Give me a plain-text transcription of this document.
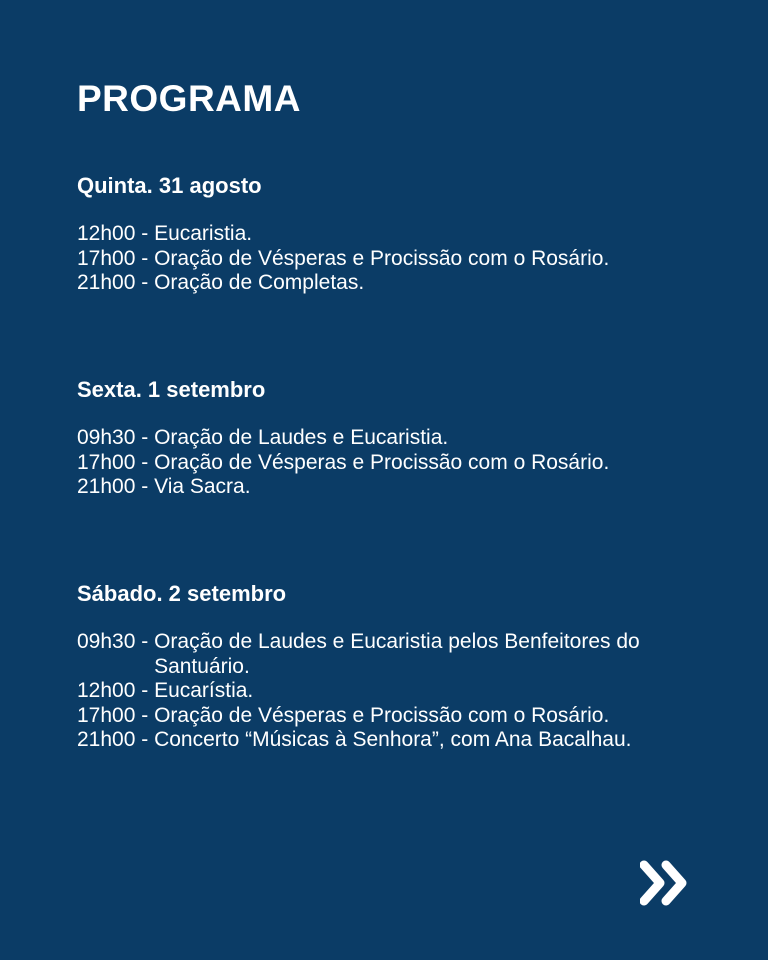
PROGRAMA
Quinta. 31 agosto
12h00 - Eucaristia.
17h00 - Oração de Vésperas e Procissão com o Rosário.
21h00 - Oração de Completas.
Sexta. 1 setembro
09h30 - Oração de Laudes e Eucaristia.
17h00 - Oração de Vésperas e Procissão com o Rosário.
21h00 - Via Sacra.
Sábado. 2 setembro
09h30 - Oração de Laudes e Eucaristia pelos Benfeitores do Santuário.
12h00 - Eucarístia.
17h00 - Oração de Vésperas e Procissão com o Rosário.
21h00 - Concerto “Músicas à Senhora”, com Ana Bacalhau.
